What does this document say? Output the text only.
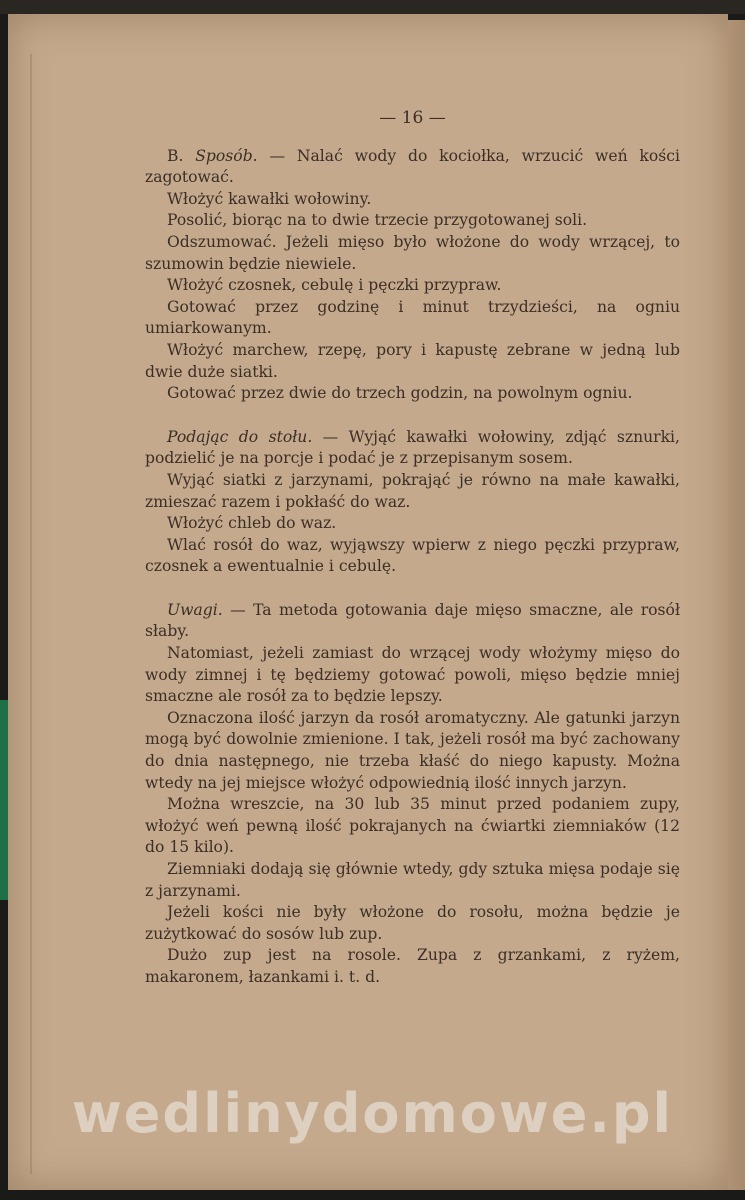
— 16 —

B. Sposób. — Nalać wody do kociołka, wrzucić weń kości zagotować.

Włożyć kawałki wołowiny.

Posolić, biorąc na to dwie trzecie przygotowanej soli.

Odszumować. Jeżeli mięso było włożone do wody wrzącej, to szumowin będzie niewiele.

Włożyć czosnek, cebulę i pęczki przypraw.

Gotować przez godzinę i minut trzydzieści, na ogniu umiarkowanym.

Włożyć marchew, rzepę, pory i kapustę zebrane w jedną lub dwie duże siatki.

Gotować przez dwie do trzech godzin, na powolnym ogniu.

Podając do stołu. — Wyjąć kawałki wołowiny, zdjąć sznurki, podzielić je na porcje i podać je z przepisanym sosem.

Wyjąć siatki z jarzynami, pokrająć je równo na małe kawałki, zmieszać razem i pokłaść do waz.

Włożyć chleb do waz.

Wlać rosół do waz, wyjąwszy wpierw z niego pęczki przypraw, czosnek a ewentualnie i cebulę.

Uwagi. — Ta metoda gotowania daje mięso smaczne, ale rosół słaby.

Natomiast, jeżeli zamiast do wrzącej wody włożymy mięso do wody zimnej i tę będziemy gotować powoli, mięso będzie mniej smaczne ale rosół za to będzie lepszy.

Oznaczona ilość jarzyn da rosół aromatyczny. Ale gatunki jarzyn mogą być dowolnie zmienione. I tak, jeżeli rosół ma być zachowany do dnia następnego, nie trzeba kłaść do niego kapusty. Można wtedy na jej miejsce włożyć odpowiednią ilość innych jarzyn.

Można wreszcie, na 30 lub 35 minut przed podaniem zupy, włożyć weń pewną ilość pokrajanych na ćwiartki ziemniaków (12 do 15 kilo).

Ziemniaki dodają się głównie wtedy, gdy sztuka mięsa podaje się z jarzynami.

Jeżeli kości nie były włożone do rosołu, można będzie je zużytkować do sosów lub zup.

Dużo zup jest na rosole. Zupa z grzankami, z ryżem, makaronem, łazankami i. t. d.

wedlinydomowe.pl
